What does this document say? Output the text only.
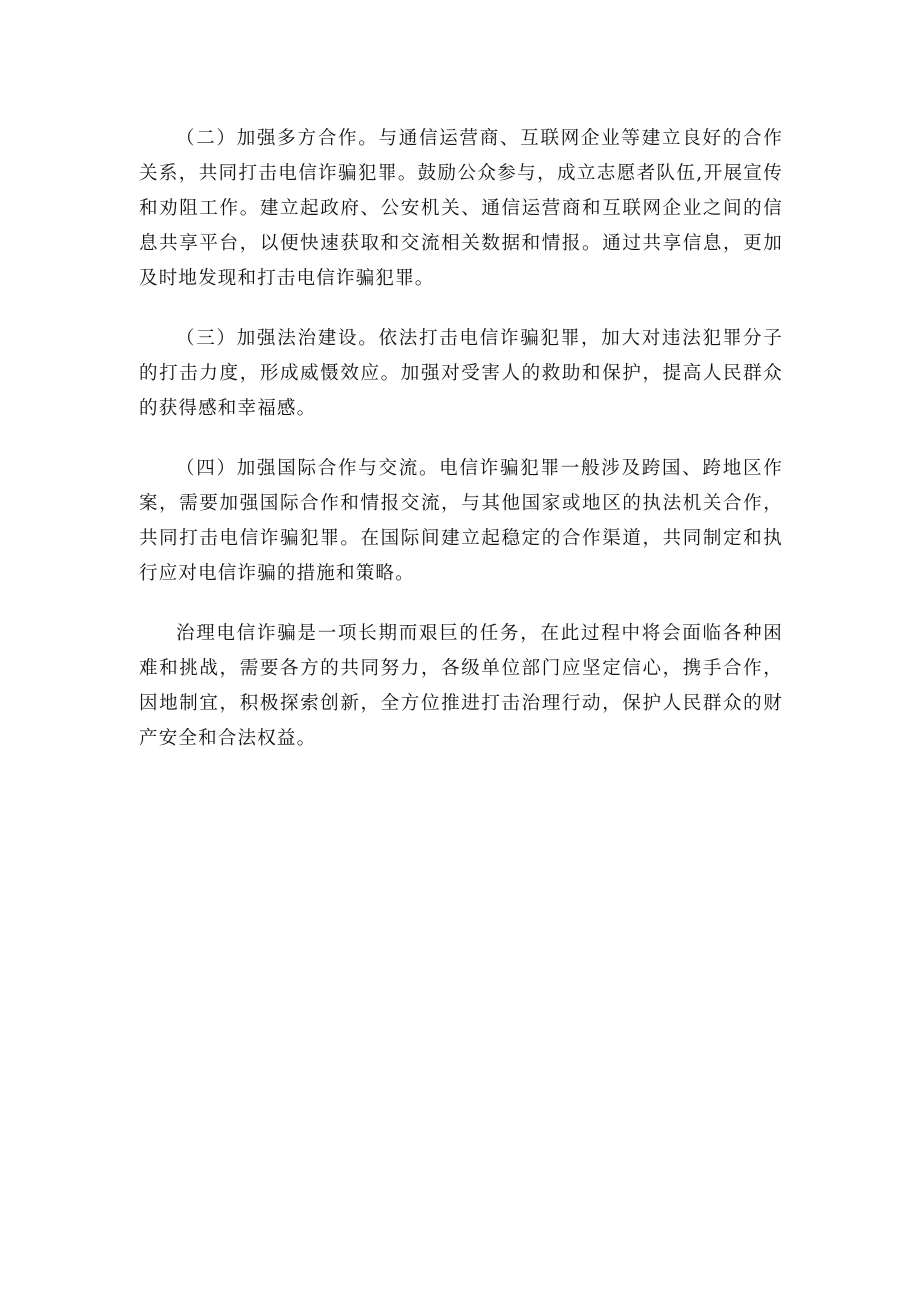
（二）加强多方合作。与通信运营商、互联网企业等建立良好的合作关系，共同打击电信诈骗犯罪。鼓励公众参与，成立志愿者队伍,开展宣传和劝阻工作。建立起政府、公安机关、通信运营商和互联网企业之间的信息共享平台，以便快速获取和交流相关数据和情报。通过共享信息，更加及时地发现和打击电信诈骗犯罪。

（三）加强法治建设。依法打击电信诈骗犯罪，加大对违法犯罪分子的打击力度，形成威慑效应。加强对受害人的救助和保护，提高人民群众的获得感和幸福感。

（四）加强国际合作与交流。电信诈骗犯罪一般涉及跨国、跨地区作案，需要加强国际合作和情报交流，与其他国家或地区的执法机关合作，共同打击电信诈骗犯罪。在国际间建立起稳定的合作渠道，共同制定和执行应对电信诈骗的措施和策略。

治理电信诈骗是一项长期而艰巨的任务，在此过程中将会面临各种困难和挑战，需要各方的共同努力，各级单位部门应坚定信心，携手合作，因地制宜，积极探索创新，全方位推进打击治理行动，保护人民群众的财产安全和合法权益。
